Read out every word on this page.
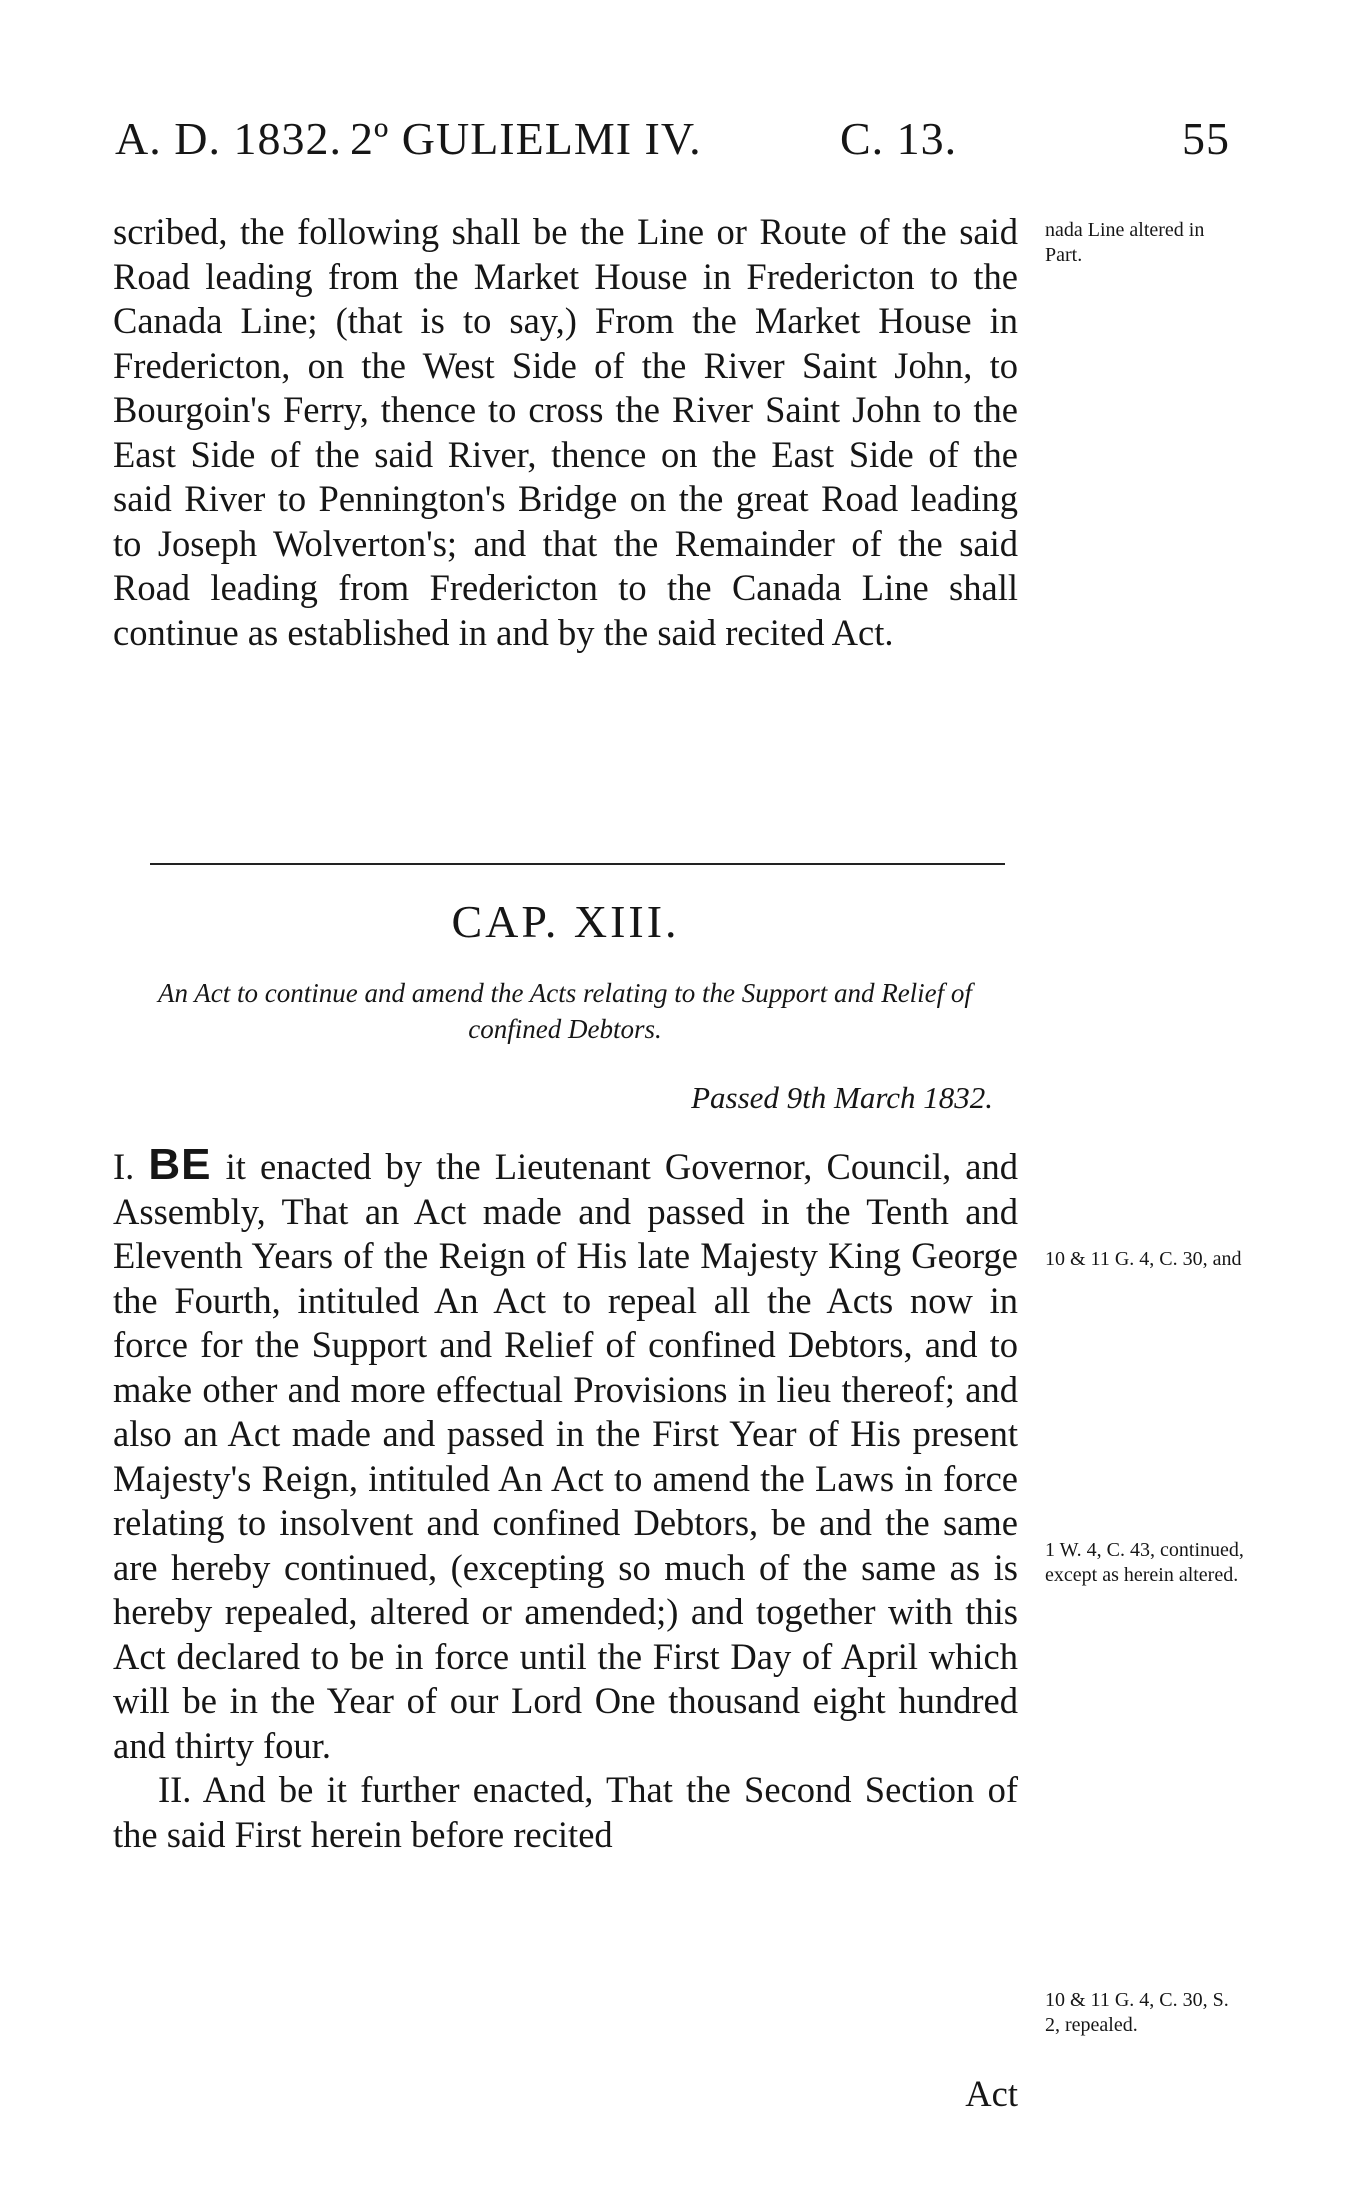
A. D. 1832. 2º GULIELMI IV.	C. 13.	55

scribed, the following shall be the Line or Route of the said Road leading from the Market House in Fredericton to the Canada Line; (that is to say,) From the Market House in Fredericton, on the West Side of the River Saint John, to Bourgoin's Ferry, thence to cross the River Saint John to the East Side of the said River, thence on the East Side of the said River to Pennington's Bridge on the great Road leading to Joseph Wolverton's; and that the Remainder of the said Road leading from Fredericton to the Canada Line shall continue as established in and by the said recited Act.

nada Line altered in Part.
CAP. XIII.
An Act to continue and amend the Acts relating to the Support and Relief of confined Debtors.
Passed 9th March 1832.

I. BE it enacted by the Lieutenant Governor, Council, and Assembly, That an Act made and passed in the Tenth and Eleventh Years of the Reign of His late Majesty King George the Fourth, intituled An Act to repeal all the Acts now in force for the Support and Relief of confined Debtors, and to make other and more effectual Provisions in lieu thereof; and also an Act made and passed in the First Year of His present Majesty's Reign, intituled An Act to amend the Laws in force relating to insolvent and confined Debtors, be and the same are hereby continued, (excepting so much of the same as is hereby repealed, altered or amended;) and together with this Act declared to be in force until the First Day of April which will be in the Year of our Lord One thousand eight hundred and thirty four.

II. And be it further enacted, That the Second Section of the said First herein before recited

Act
10 & 11 G. 4, C. 30, and
1 W. 4, C. 43, continued, except as herein altered.
10 & 11 G. 4, C. 30, S. 2, repealed.
